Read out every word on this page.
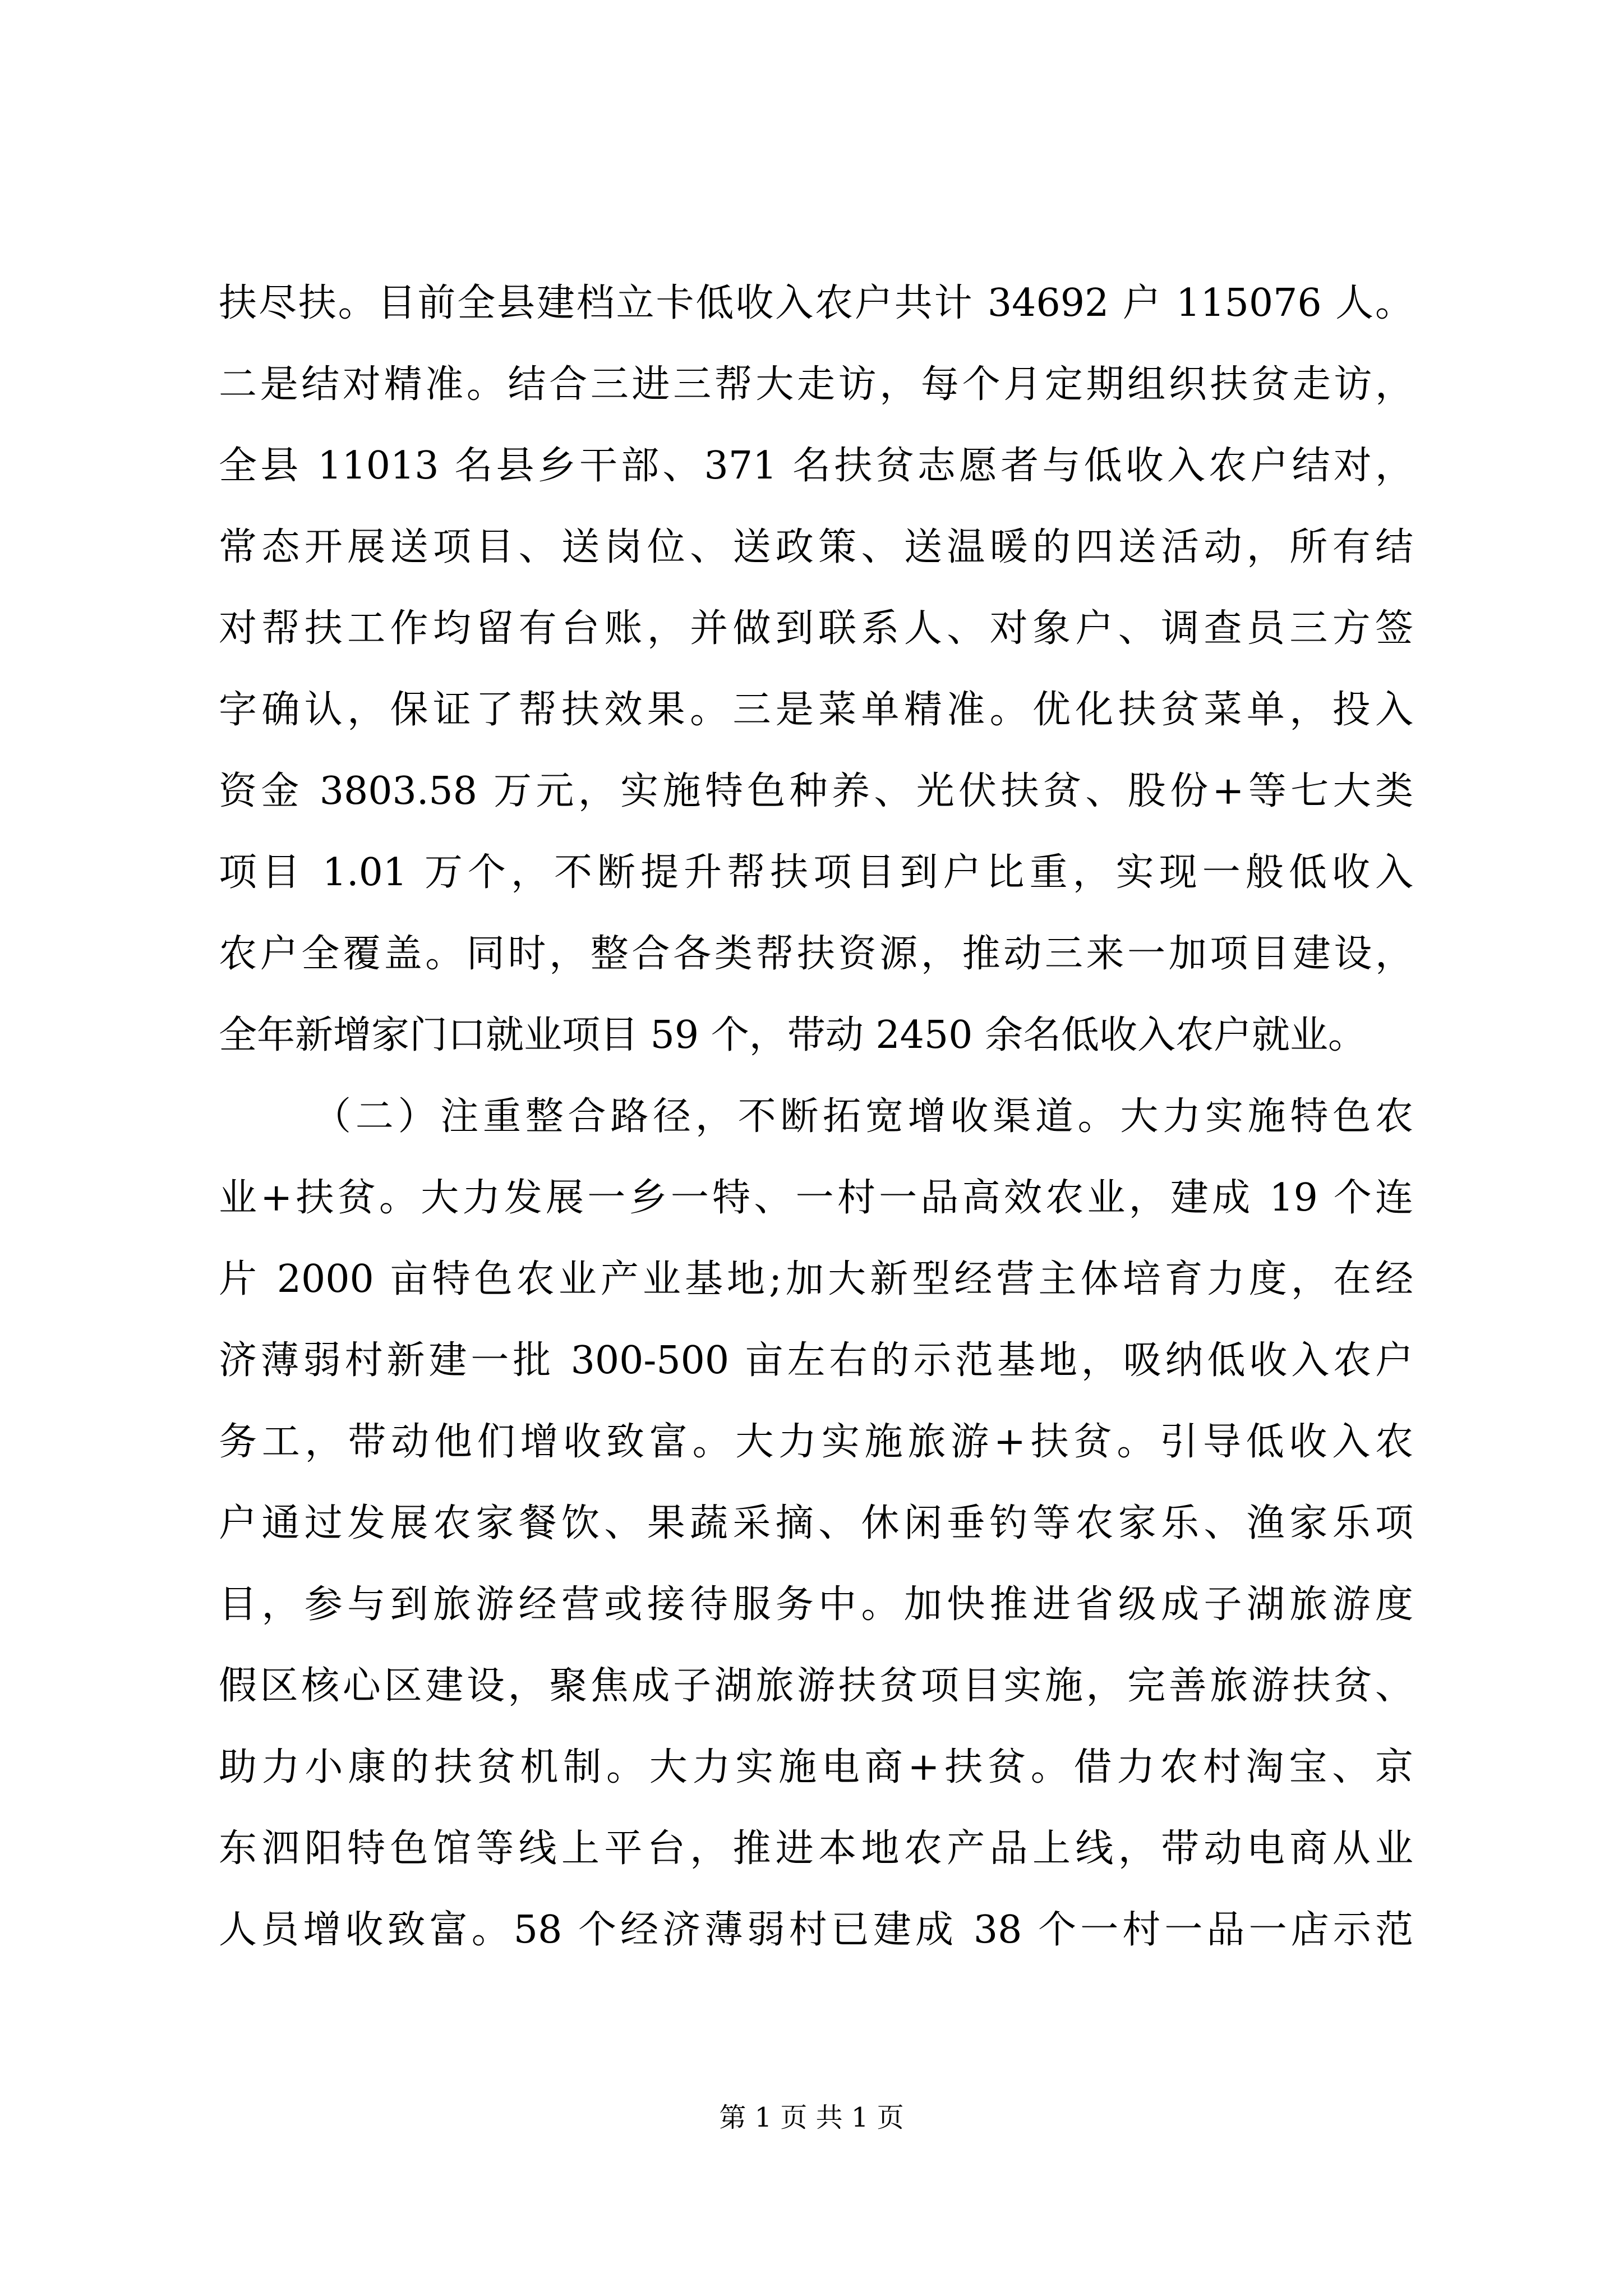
扶尽扶。目前全县建档立卡低收入农户共计 34692 户 115076 人。
二是结对精准。结合三进三帮大走访，每个月定期组织扶贫走访，
全县 11013 名县乡干部、371 名扶贫志愿者与低收入农户结对，
常态开展送项目、送岗位、送政策、送温暖的四送活动，所有结
对帮扶工作均留有台账，并做到联系人、对象户、调查员三方签
字确认，保证了帮扶效果。三是菜单精准。优化扶贫菜单，投入
资金 3803.58 万元，实施特色种养、光伏扶贫、股份+等七大类
项目 1.01 万个，不断提升帮扶项目到户比重，实现一般低收入
农户全覆盖。同时，整合各类帮扶资源，推动三来一加项目建设，
全年新增家门口就业项目 59 个，带动 2450 余名低收入农户就业。
（二）注重整合路径，不断拓宽增收渠道。大力实施特色农
业+扶贫。大力发展一乡一特、一村一品高效农业，建成 19 个连
片 2000 亩特色农业产业基地;加大新型经营主体培育力度，在经
济薄弱村新建一批 300-500 亩左右的示范基地，吸纳低收入农户
务工，带动他们增收致富。大力实施旅游+扶贫。引导低收入农
户通过发展农家餐饮、果蔬采摘、休闲垂钓等农家乐、渔家乐项
目，参与到旅游经营或接待服务中。加快推进省级成子湖旅游度
假区核心区建设，聚焦成子湖旅游扶贫项目实施，完善旅游扶贫、
助力小康的扶贫机制。大力实施电商+扶贫。借力农村淘宝、京
东泗阳特色馆等线上平台，推进本地农产品上线，带动电商从业
人员增收致富。58 个经济薄弱村已建成 38 个一村一品一店示范
第 1 页 共 1 页
